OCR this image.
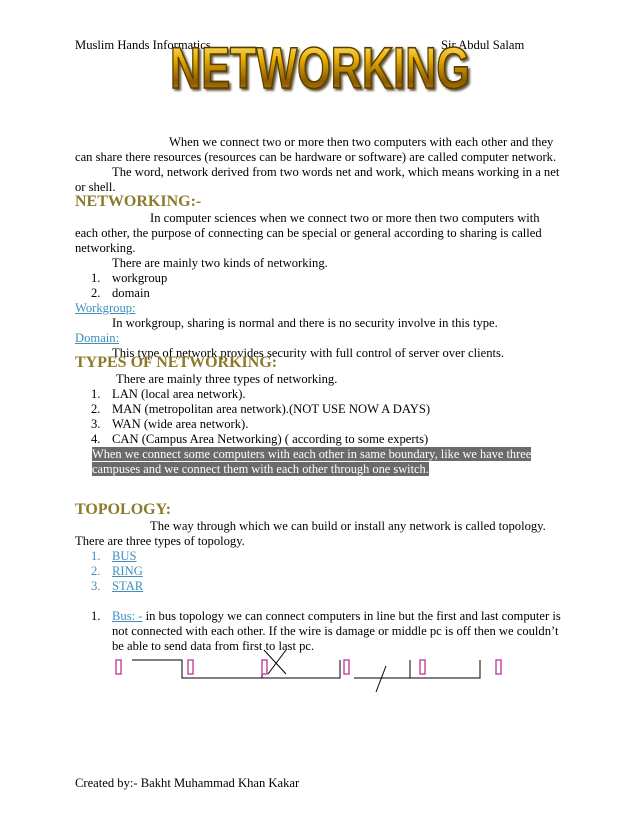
Muslim Hands Informatics	Sir Abdul Salam
NETWORKING

When we connect two or more then two computers with each other and they

can share there resources (resources can be hardware or software) are called computer network.

The word, network derived from two words net and work, which means working in a net

or shell.

NETWORKING:-

In computer sciences when we connect two or more then two computers with

each other, the purpose of connecting can be special or general according to sharing is called networking.

There are mainly two kinds of networking.

1. workgroup
2. domain

Workgroup:

In workgroup, sharing is normal and there is no security involve in this type.

Domain:

This type of network provides security with full control of server over clients.

TYPES OF NETWORKING:

There are mainly three types of networking.

1. LAN (local area network).
2. MAN (metropolitan area network).(NOT USE NOW A DAYS)
3. WAN (wide area network).
4. CAN (Campus Area Networking) ( according to some experts)
When we connect some computers with each other in same boundary, like we have three
campuses and we connect them with each other through one switch.

TOPOLOGY:

The way through which we can build or install any network is called topology.

There are three types of topology.

1. BUS
2. RING
3. STAR
1. Bus: - in bus topology we can connect computers in line but the first and last computer is not connected with each other. If the wire is damage or middle pc is off then we couldn’t be able to send data from first to last pc.
Created by:- Bakht Muhammad Khan Kakar
